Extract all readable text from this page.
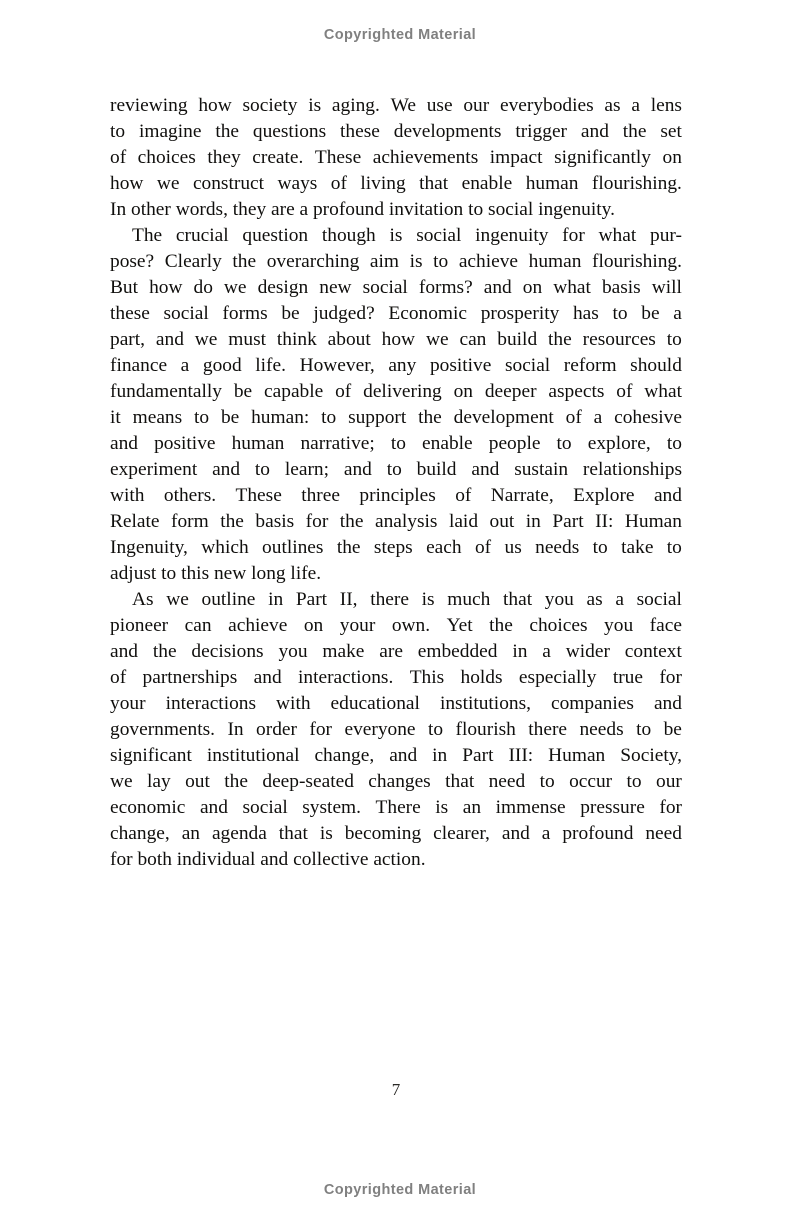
Copyrighted Material
reviewing how society is aging. We use our everybodies as a lens
to imagine the questions these developments trigger and the set
of choices they create. These achievements impact significantly on
how we construct ways of living that enable human flourishing.
In other words, they are a profound invitation to social ingenuity.
The crucial question though is social ingenuity for what pur-
pose? Clearly the overarching aim is to achieve human flourishing.
But how do we design new social forms? and on what basis will
these social forms be judged? Economic prosperity has to be a
part, and we must think about how we can build the resources to
finance a good life. However, any positive social reform should
fundamentally be capable of delivering on deeper aspects of what
it means to be human: to support the development of a cohesive
and positive human narrative; to enable people to explore, to
experiment and to learn; and to build and sustain relationships
with others. These three principles of Narrate, Explore and
Relate form the basis for the analysis laid out in Part II: Human
Ingenuity, which outlines the steps each of us needs to take to
adjust to this new long life.
As we outline in Part II, there is much that you as a social
pioneer can achieve on your own. Yet the choices you face
and the decisions you make are embedded in a wider context
of partnerships and interactions. This holds especially true for
your interactions with educational institutions, companies and
governments. In order for everyone to flourish there needs to be
significant institutional change, and in Part III: Human Society,
we lay out the deep-seated changes that need to occur to our
economic and social system. There is an immense pressure for
change, an agenda that is becoming clearer, and a profound need
for both individual and collective action.
7
Copyrighted Material
